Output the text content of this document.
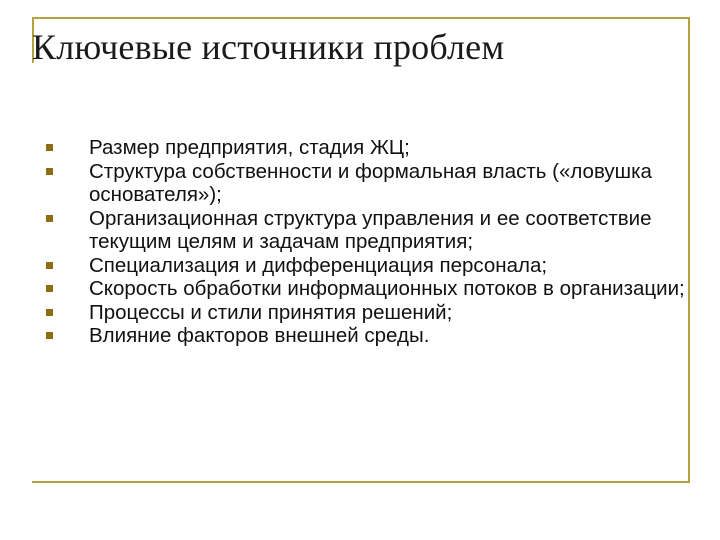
Ключевые источники проблем
Размер предприятия, стадия ЖЦ;
Структура собственности и формальная власть («ловушка основателя»);
Организационная структура управления и ее соответствие текущим целям и задачам предприятия;
Специализация и дифференциация персонала;
Скорость обработки информационных потоков в организации;
Процессы и стили принятия решений;
Влияние факторов внешней среды.
